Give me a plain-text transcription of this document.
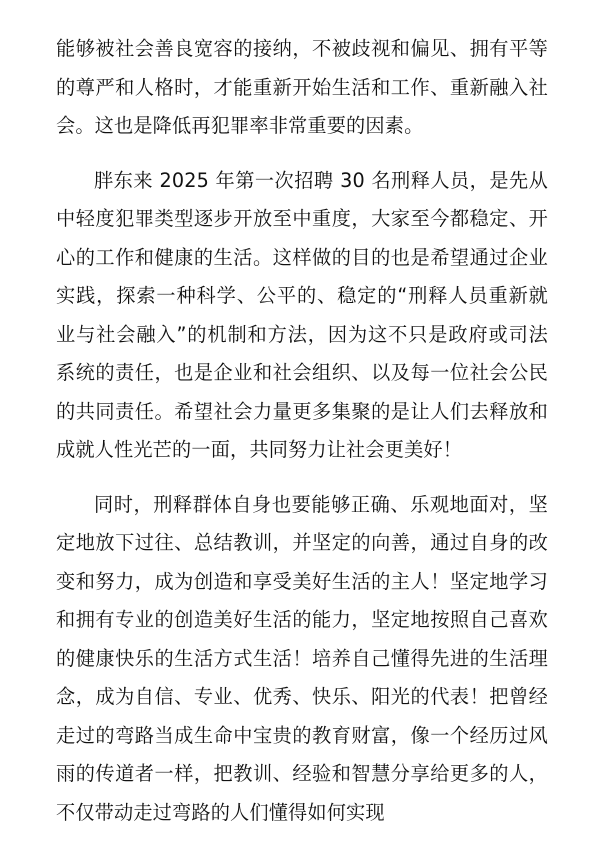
能够被社会善良宽容的接纳，不被歧视和偏见、拥有平等的尊严和人格时，才能重新开始生活和工作、重新融入社会。这也是降低再犯罪率非常重要的因素。

胖东来 2025 年第一次招聘 30 名刑释人员，是先从中轻度犯罪类型逐步开放至中重度，大家至今都稳定、开心的工作和健康的生活。这样做的目的也是希望通过企业实践，探索一种科学、公平的、稳定的“刑释人员重新就业与社会融入”的机制和方法，因为这不只是政府或司法系统的责任，也是企业和社会组织、以及每一位社会公民的共同责任。希望社会力量更多集聚的是让人们去释放和成就人性光芒的一面，共同努力让社会更美好！

同时，刑释群体自身也要能够正确、乐观地面对，坚定地放下过往、总结教训，并坚定的向善，通过自身的改变和努力，成为创造和享受美好生活的主人！坚定地学习和拥有专业的创造美好生活的能力，坚定地按照自己喜欢的健康快乐的生活方式生活！培养自己懂得先进的生活理念，成为自信、专业、优秀、快乐、阳光的代表！把曾经走过的弯路当成生命中宝贵的教育财富，像一个经历过风雨的传道者一样，把教训、经验和智慧分享给更多的人，不仅带动走过弯路的人们懂得如何实现
